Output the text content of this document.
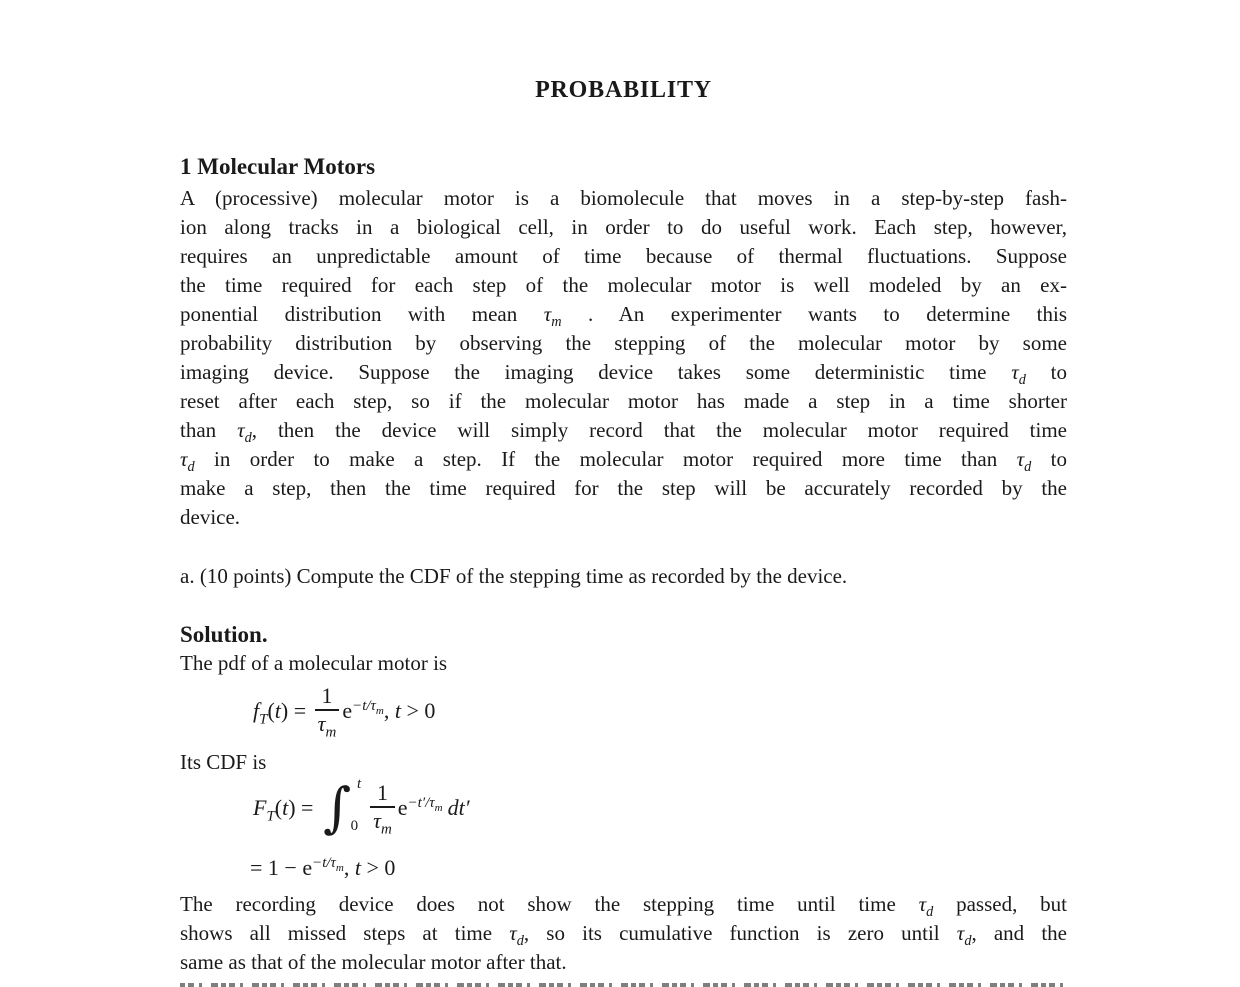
PROBABILITY
1 Molecular Motors
A (processive) molecular motor is a biomolecule that moves in a step-by-step fash-
ion along tracks in a biological cell, in order to do useful work. Each step, however,
requires an unpredictable amount of time because of thermal fluctuations. Suppose
the time required for each step of the molecular motor is well modeled by an ex-
ponential distribution with mean $\tau_m$ . An experimenter wants to determine this
probability distribution by observing the stepping of the molecular motor by some
imaging device. Suppose the imaging device takes some deterministic time $\tau_d$ to
reset after each step, so if the molecular motor has made a step in a time shorter
than $\tau_d$, then the device will simply record that the molecular motor required time
$\tau_d$ in order to make a step. If the molecular motor required more time than $\tau_d$ to
make a step, then the time required for the step will be accurately recorded by the
device.
a. (10 points) Compute the CDF of the stepping time as recorded by the device.
Solution.
The pdf of a molecular motor is
$f_T(t) = \frac{1}{\tau_m} e^{-t/\tau_m}$, t > 0
Its CDF is
$F_T(t)$ = ∫ t
$0 \frac{1}{\tau_m} e^{-t'/\tau_m}$ dt′
= $1 - e^{-t/\tau_m}$, t > 0
The recording device does not show the stepping time until time $\tau_d$ passed, but
shows all missed steps at time $\tau_d$, so its cumulative function is zero until $\tau_d$, and the
same as that of the molecular motor after that.
